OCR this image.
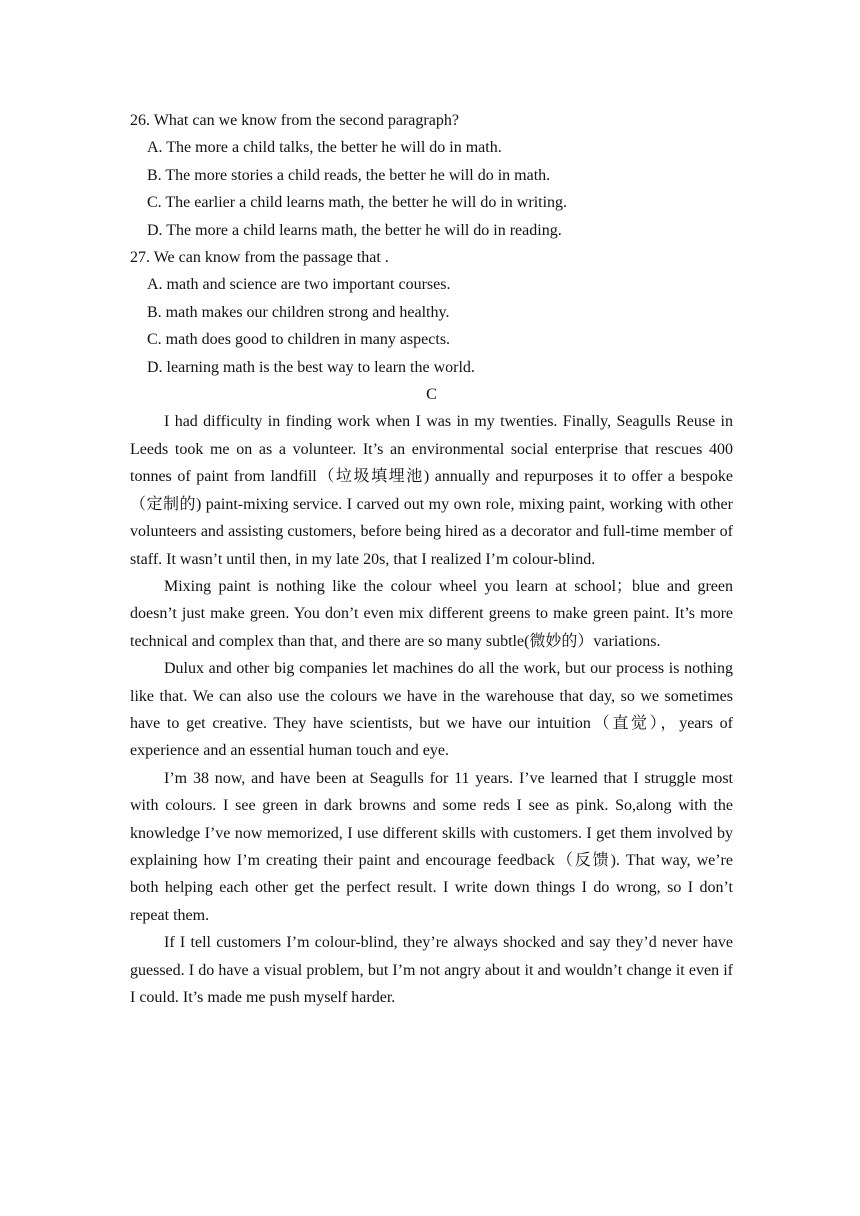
26. What can we know from the second paragraph?

A. The more a child talks, the better he will do in math.

B. The more stories a child reads, the better he will do in math.

C. The earlier a child learns math, the better he will do in writing.

D. The more a child learns math, the better he will do in reading.

27. We can know from the passage that .

A. math and science are two important courses.

B. math makes our children strong and healthy.

C. math does good to children in many aspects.

D. learning math is the best way to learn the world.

C

I had difficulty in finding work when I was in my twenties. Finally, Seagulls Reuse in Leeds took me on as a volunteer. It’s an environmental social enterprise that rescues 400 tonnes of paint from landfill（垃圾填埋池) annually and repurposes it to offer a bespoke（定制的) paint-mixing service. I carved out my own role, mixing paint, working with other volunteers and assisting customers, before being hired as a decorator and full-time member of staff. It wasn’t until then, in my late 20s, that I realized I’m colour-blind.

Mixing paint is nothing like the colour wheel you learn at school；blue and green doesn’t just make green. You don’t even mix different greens to make green paint. It’s more technical and complex than that, and there are so many subtle(微妙的）variations.

Dulux and other big companies let machines do all the work, but our process is nothing like that. We can also use the colours we have in the warehouse that day, so we sometimes have to get creative. They have scientists, but we have our intuition（直觉），years of experience and an essential human touch and eye.

I’m 38 now, and have been at Seagulls for 11 years. I’ve learned that I struggle most with colours. I see green in dark browns and some reds I see as pink. So,along with the knowledge I’ve now memorized, I use different skills with customers. I get them involved by explaining how I’m creating their paint and encourage feedback（反馈). That way, we’re both helping each other get the perfect result. I write down things I do wrong, so I don’t repeat them.

If I tell customers I’m colour-blind, they’re always shocked and say they’d never have guessed. I do have a visual problem, but I’m not angry about it and wouldn’t change it even if I could. It’s made me push myself harder.
